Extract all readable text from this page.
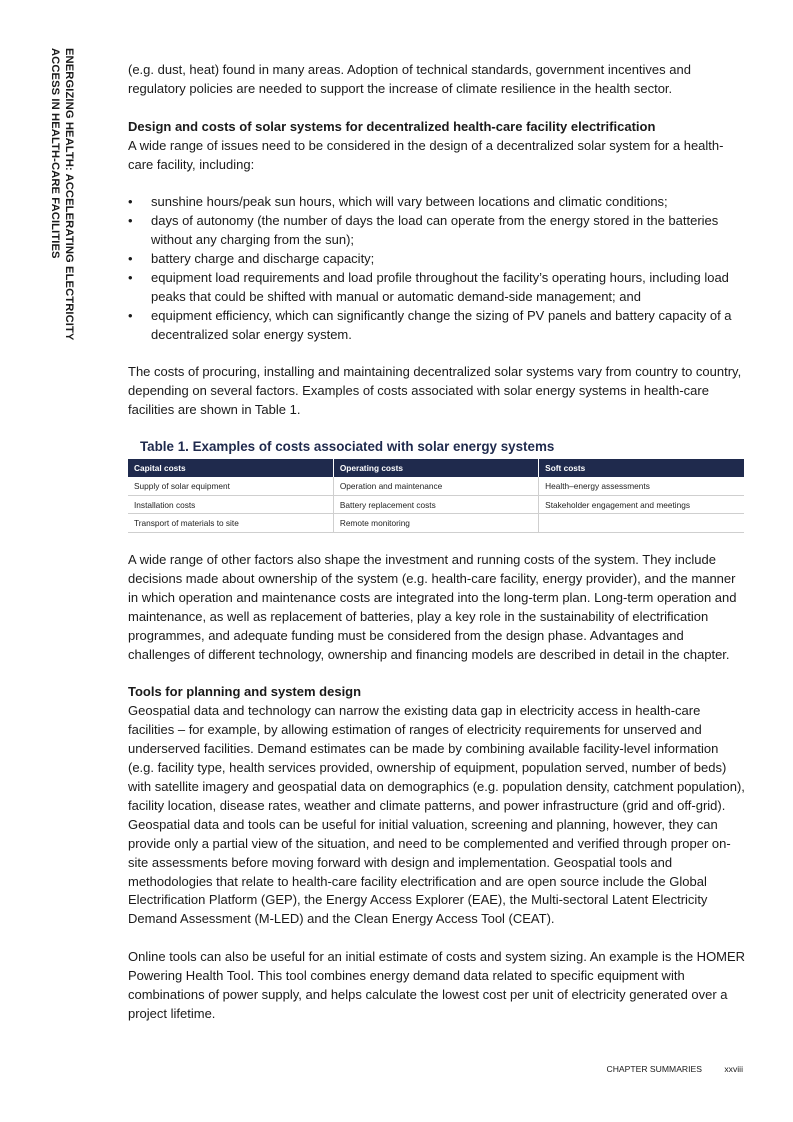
ENERGIZING HEALTH: ACCELERATING ELECTRICITY
ACCESS IN HEALTH-CARE FACILITIES	(e.g. dust, heat) found in many areas. Adoption of technical standards, government incentives and regulatory policies are needed to support the increase of climate resilience in the health sector.

Design and costs of solar systems for decentralized health-care facility electrification

A wide range of issues need to be considered in the design of a decentralized solar system for a health-care facility, including:

• sunshine hours/peak sun hours, which will vary between locations and climatic conditions;
• days of autonomy (the number of days the load can operate from the energy stored in the batteries without any charging from the sun);
• battery charge and discharge capacity;
• equipment load requirements and load profile throughout the facility’s operating hours, including load peaks that could be shifted with manual or automatic demand-side management; and
• equipment efficiency, which can significantly change the sizing of PV panels and battery capacity of a decentralized solar energy system.

The costs of procuring, installing and maintaining decentralized solar systems vary from country to country, depending on several factors. Examples of costs associated with solar energy systems in health-care facilities are shown in Table 1.

Table 1. Examples of costs associated with solar energy systems
Capital costs	Operating costs	Soft costs
Supply of solar equipment	Operation and maintenance	Health–energy assessments
Installation costs	Battery replacement costs	Stakeholder engagement and meetings
Transport of materials to site	Remote monitoring	

A wide range of other factors also shape the investment and running costs of the system. They include decisions made about ownership of the system (e.g. health-care facility, energy provider), and the manner in which operation and maintenance costs are integrated into the long-term plan. Long-term operation and maintenance, as well as replacement of batteries, play a key role in the sustainability of electrification programmes, and adequate funding must be considered from the design phase. Advantages and challenges of different technology, ownership and financing models are described in detail in the chapter.

Tools for planning and system design

Geospatial data and technology can narrow the existing data gap in electricity access in health-care facilities – for example, by allowing estimation of ranges of electricity requirements for unserved and underserved facilities. Demand estimates can be made by combining available facility-level information (e.g. facility type, health services provided, ownership of equipment, population served, number of beds) with satellite imagery and geospatial data on demographics (e.g. population density, catchment population), facility location, disease rates, weather and climate patterns, and power infrastructure (grid and off-grid). Geospatial data and tools can be useful for initial valuation, screening and planning, however, they can provide only a partial view of the situation, and need to be complemented and verified through proper on-site assessments before moving forward with design and implementation. Geospatial tools and methodologies that relate to health-care facility electrification and are open source include the Global Electrification Platform (GEP), the Energy Access Explorer (EAE), the Multi-sectoral Latent Electricity Demand Assessment (M-LED) and the Clean Energy Access Tool (CEAT).

Online tools can also be useful for an initial estimate of costs and system sizing. An example is the HOMER Powering Health Tool. This tool combines energy demand data related to specific equipment with combinations of power supply, and helps calculate the lowest cost per unit of electricity generated over a project lifetime.

CHAPTER SUMMARIES	xxviii
